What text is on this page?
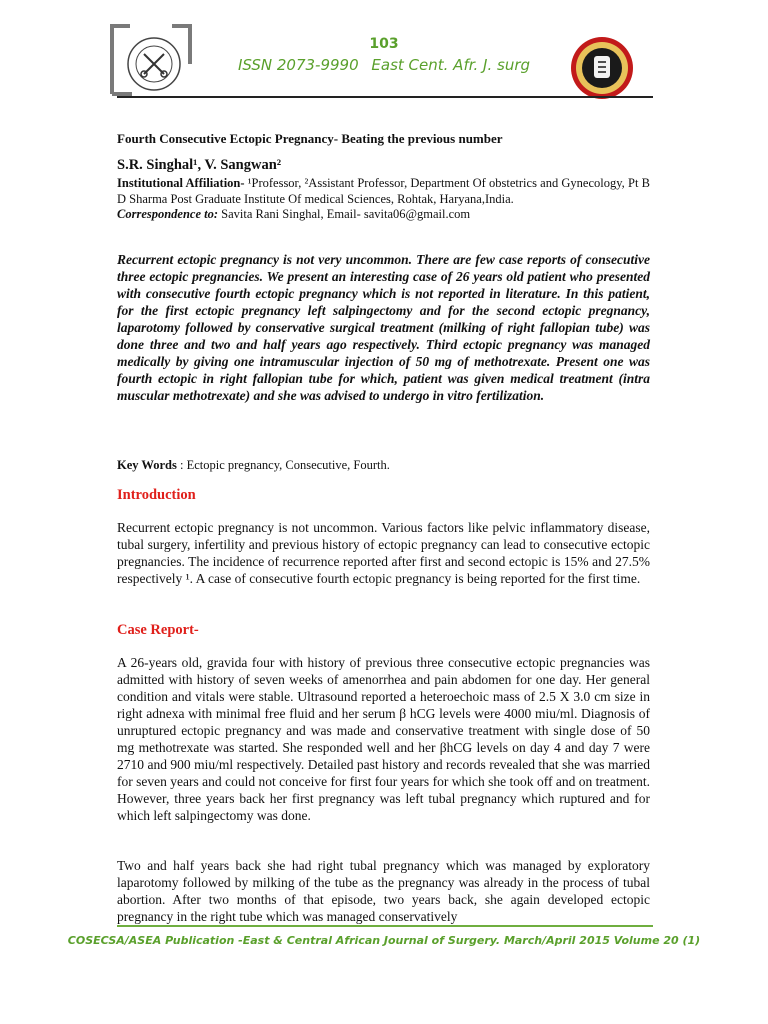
103
ISSN 2073-9990 East Cent. Afr. J. surg
Fourth Consecutive Ectopic Pregnancy- Beating the previous number
S.R. Singhal¹, V. Sangwan²
Institutional Affiliation- ¹Professor, ²Assistant Professor, Department Of obstetrics and Gynecology, Pt B D Sharma Post Graduate Institute Of medical Sciences, Rohtak, Haryana,India.
Correspondence to: Savita Rani Singhal, Email- savita06@gmail.com
Recurrent ectopic pregnancy is not very uncommon. There are few case reports of consecutive three ectopic pregnancies. We present an interesting case of 26 years old patient who presented with consecutive fourth ectopic pregnancy which is not reported in literature. In this patient, for the first ectopic pregnancy left salpingectomy and for the second ectopic pregnancy, laparotomy followed by conservative surgical treatment (milking of right fallopian tube) was done three and two and half years ago respectively. Third ectopic pregnancy was managed medically by giving one intramuscular injection of 50 mg of methotrexate. Present one was fourth ectopic in right fallopian tube for which, patient was given medical treatment (intra muscular methotrexate) and she was advised to undergo in vitro fertilization.
Key Words : Ectopic pregnancy, Consecutive, Fourth.
Introduction
Recurrent ectopic pregnancy is not uncommon. Various factors like pelvic inflammatory disease, tubal surgery, infertility and previous history of ectopic pregnancy can lead to consecutive ectopic pregnancies. The incidence of recurrence reported after first and second ectopic is 15% and 27.5% respectively ¹. A case of consecutive fourth ectopic pregnancy is being reported for the first time.
Case Report-
A 26-years old, gravida four with history of previous three consecutive ectopic pregnancies was admitted with history of seven weeks of amenorrhea and pain abdomen for one day. Her general condition and vitals were stable. Ultrasound reported a heteroechoic mass of 2.5 X 3.0 cm size in right adnexa with minimal free fluid and her serum β hCG levels were 4000 miu/ml. Diagnosis of unruptured ectopic pregnancy and was made and conservative treatment with single dose of 50 mg methotrexate was started. She responded well and her βhCG levels on day 4 and day 7 were 2710 and 900 miu/ml respectively. Detailed past history and records revealed that she was married for seven years and could not conceive for first four years for which she took off and on treatment. However, three years back her first pregnancy was left tubal pregnancy which ruptured and for which left salpingectomy was done.
Two and half years back she had right tubal pregnancy which was managed by exploratory laparotomy followed by milking of the tube as the pregnancy was already in the process of tubal abortion. After two months of that episode, two years back, she again developed ectopic pregnancy in the right tube which was managed conservatively
COSECSA/ASEA Publication -East & Central African Journal of Surgery. March/April 2015 Volume 20 (1)
